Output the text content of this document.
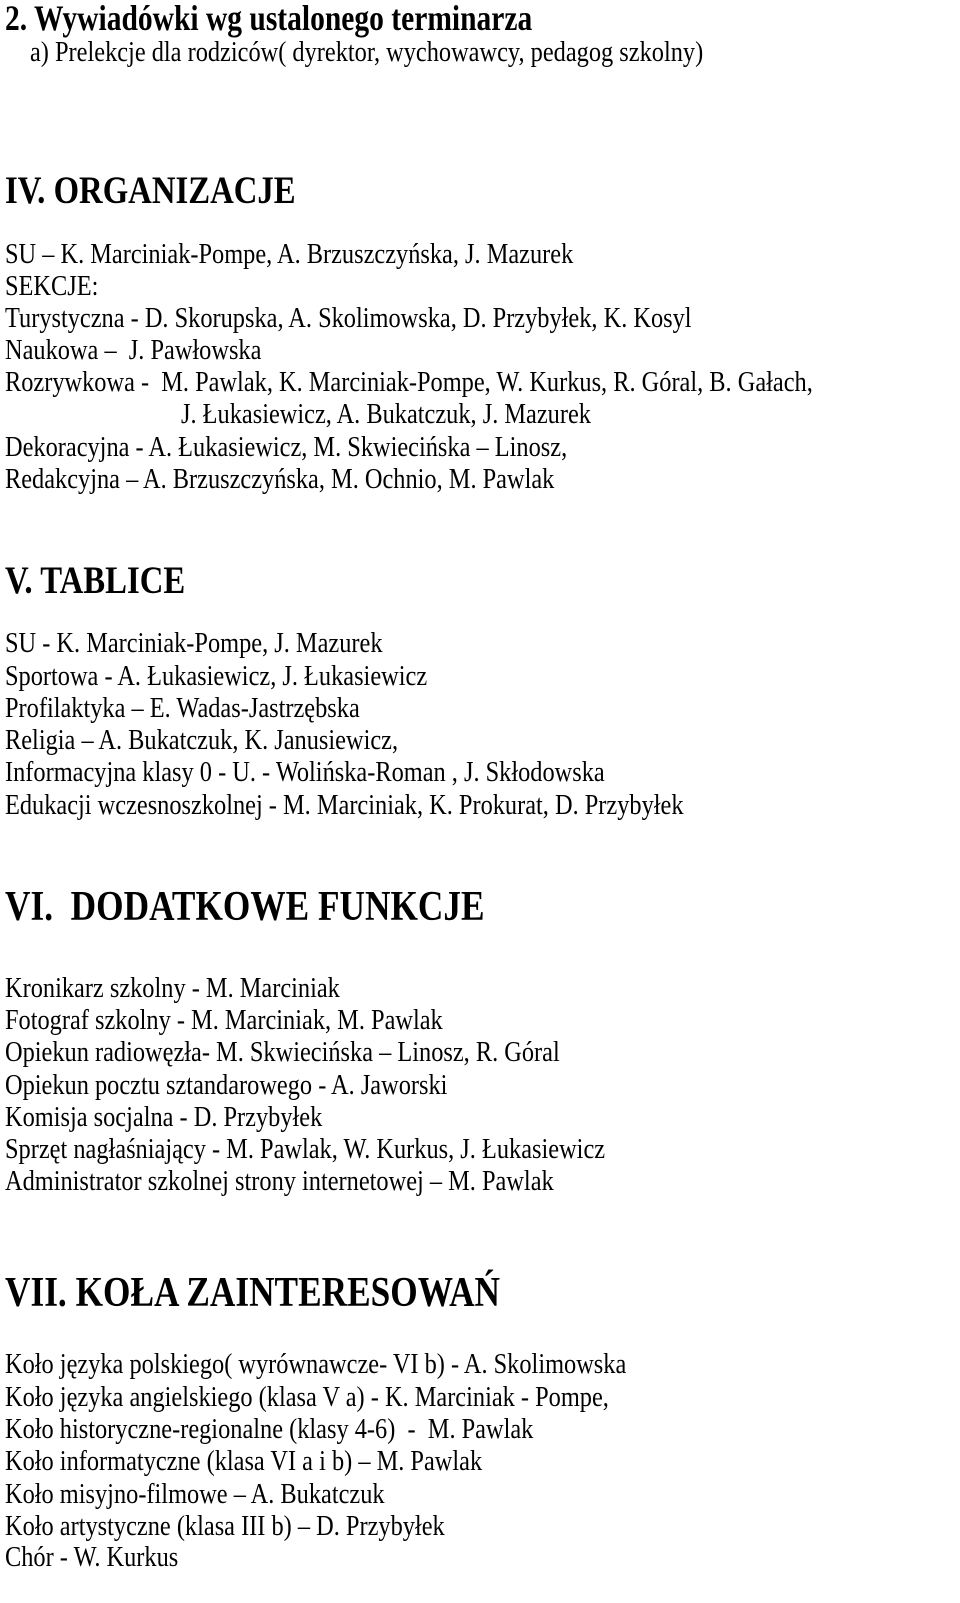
2. Wywiadówki wg ustalonego terminarza
a) Prelekcje dla rodziców( dyrektor, wychowawcy, pedagog szkolny)
IV. ORGANIZACJE
SU – K. Marciniak-Pompe, A. Brzuszczyńska, J. Mazurek
SEKCJE:
Turystyczna - D. Skorupska, A. Skolimowska, D. Przybyłek, K. Kosyl
Naukowa –  J. Pawłowska
Rozrywkowa -  M. Pawlak, K. Marciniak-Pompe, W. Kurkus, R. Góral, B. Gałach,
J. Łukasiewicz, A. Bukatczuk, J. Mazurek
Dekoracyjna - A. Łukasiewicz, M. Skwiecińska – Linosz,
Redakcyjna – A. Brzuszczyńska, M. Ochnio, M. Pawlak
V. TABLICE
SU - K. Marciniak-Pompe, J. Mazurek
Sportowa - A. Łukasiewicz, J. Łukasiewicz
Profilaktyka – E. Wadas-Jastrzębska
Religia – A. Bukatczuk, K. Janusiewicz,
Informacyjna klasy 0 - U. - Wolińska-Roman , J. Skłodowska
Edukacji wczesnoszkolnej - M. Marciniak, K. Prokurat, D. Przybyłek
VI.  DODATKOWE FUNKCJE
Kronikarz szkolny - M. Marciniak
Fotograf szkolny - M. Marciniak, M. Pawlak
Opiekun radiowęzła- M. Skwiecińska – Linosz, R. Góral
Opiekun pocztu sztandarowego - A. Jaworski
Komisja socjalna - D. Przybyłek
Sprzęt nagłaśniający - M. Pawlak, W. Kurkus, J. Łukasiewicz
Administrator szkolnej strony internetowej – M. Pawlak
VII. KOŁA ZAINTERESOWAŃ
Koło języka polskiego( wyrównawcze- VI b) - A. Skolimowska
Koło języka angielskiego (klasa V a) - K. Marciniak - Pompe,
Koło historyczne-regionalne (klasy 4-6)  -  M. Pawlak
Koło informatyczne (klasa VI a i b) – M. Pawlak
Koło misyjno-filmowe – A. Bukatczuk
Koło artystyczne (klasa III b) – D. Przybyłek
Chór - W. Kurkus
